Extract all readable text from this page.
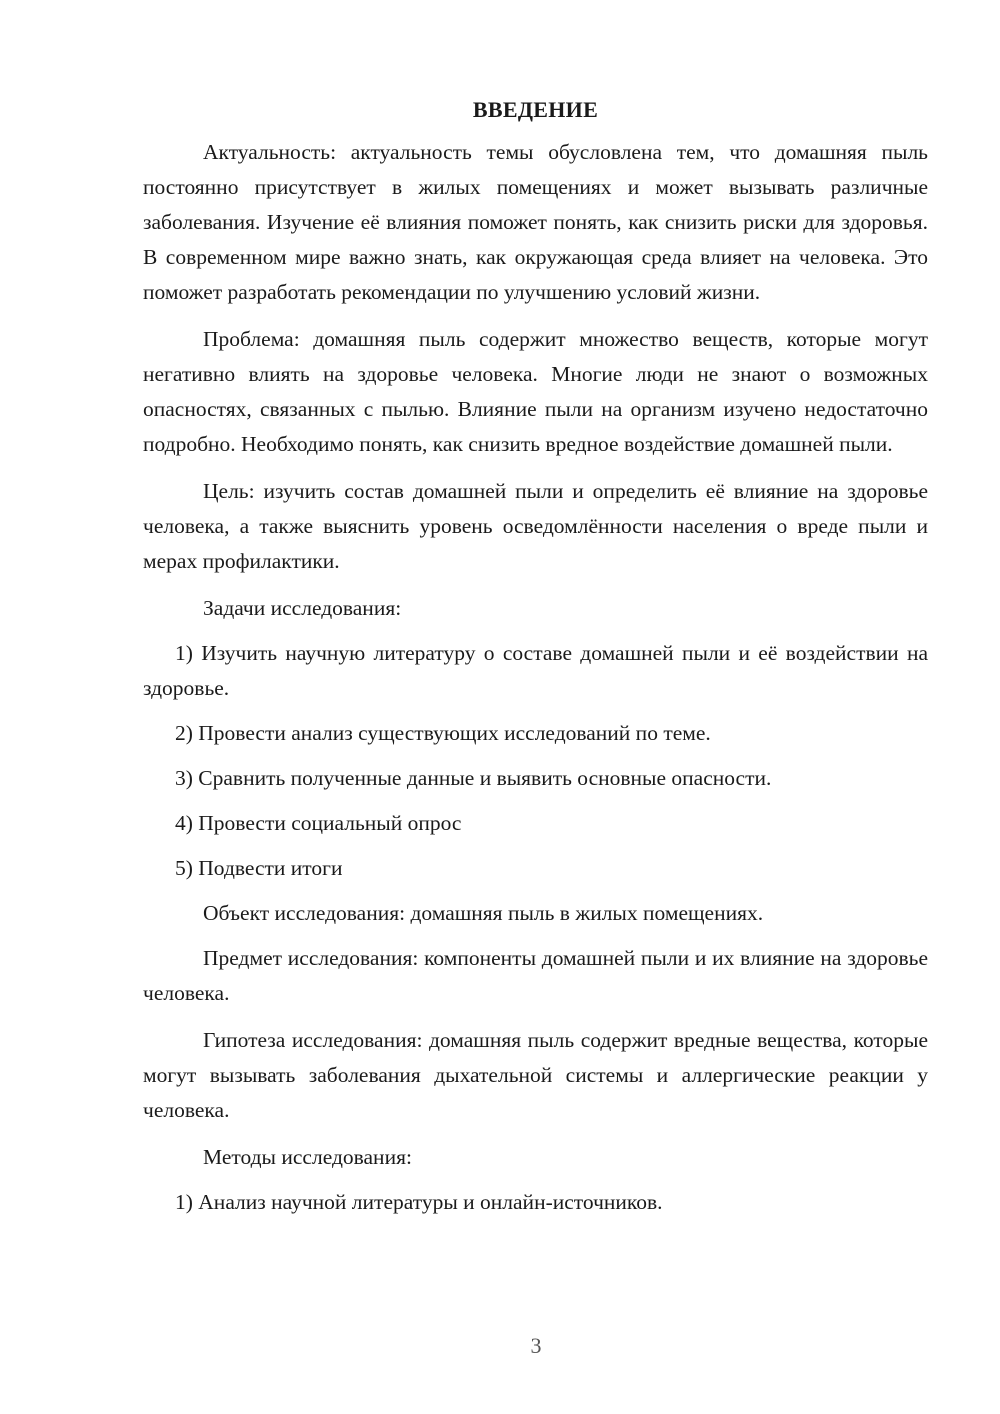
ВВЕДЕНИЕ

Актуальность: актуальность темы обусловлена тем, что домашняя пыль постоянно присутствует в жилых помещениях и может вызывать различные заболевания. Изучение её влияния поможет понять, как снизить риски для здоровья. В современном мире важно знать, как окружающая среда влияет на человека. Это поможет разработать рекомендации по улучшению условий жизни.

Проблема: домашняя пыль содержит множество веществ, которые могут негативно влиять на здоровье человека. Многие люди не знают о возможных опасностях, связанных с пылью. Влияние пыли на организм изучено недостаточно подробно. Необходимо понять, как снизить вредное воздействие домашней пыли.

Цель: изучить состав домашней пыли и определить её влияние на здоровье человека, а также выяснить уровень осведомлённости населения о вреде пыли и мерах профилактики.

Задачи исследования:

1) Изучить научную литературу о составе домашней пыли и её воздействии на здоровье.

2) Провести анализ существующих исследований по теме.

3) Сравнить полученные данные и выявить основные опасности.

4) Провести социальный опрос

5) Подвести итоги

Объект исследования: домашняя пыль в жилых помещениях.

Предмет исследования: компоненты домашней пыли и их влияние на здоровье человека.

Гипотеза исследования: домашняя пыль содержит вредные вещества, которые могут вызывать заболевания дыхательной системы и аллергические реакции у человека.

Методы исследования:

1) Анализ научной литературы и онлайн-источников.

3
